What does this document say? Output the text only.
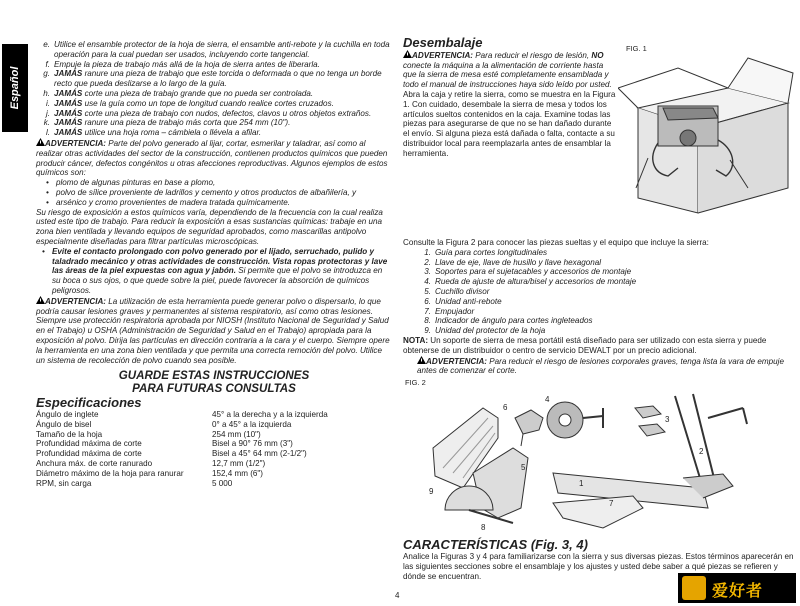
Español
e. Utilice el ensamble protector de la hoja de sierra, el ensamble anti-rebote y la cuchilla en toda operación para la cual puedan ser usados, incluyendo corte tangencial.
f. Empuje la pieza de trabajo más allá de la hoja de sierra antes de liberarla.
g. JAMÁS ranure una pieza de trabajo que este torcida o deformada o que no tenga un borde recto que pueda deslizarse a lo largo de la guía.
h. JAMÁS corte una pieza de trabajo grande que no pueda ser controlada.
i. JAMÁS use la guía como un tope de longitud cuando realice cortes cruzados.
j. JAMÁS corte una pieza de trabajo con nudos, defectos, clavos u otros objetos extraños.
k. JAMÁS ranure una pieza de trabajo más corta que 254 mm (10").
l. JAMÁS utilice una hoja roma – cámbiela o llévela a afilar.
ADVERTENCIA: Parte del polvo generado al lijar, cortar, esmerilar y taladrar, así como al realizar otras actividades del sector de la construcción, contienen productos químicos que pueden producir cáncer, defectos congénitos u otras afecciones reproductivas. Algunos ejemplos de estos químicos son:
• plomo de algunas pinturas en base a plomo,
• polvo de sílice proveniente de ladrillos y cemento y otros productos de albañilería, y
• arsénico y cromo provenientes de madera tratada químicamente.
Su riesgo de exposición a estos químicos varía, dependiendo de la frecuencia con la cual realiza usted este tipo de trabajo. Para reducir la exposición a esas sustancias químicas: trabaje en una zona bien ventilada y llevando equipos de seguridad aprobados, como mascarillas antipolvo especialmente diseñadas para filtrar partículas microscópicas.
• Evite el contacto prolongado con polvo generado por el lijado, serruchado, pulido y taladrado mecánico y otras actividades de construcción. Vista ropas protectoras y lave las áreas de la piel expuestas con agua y jabón. Si permite que el polvo se introduzca en su boca o sus ojos, o que quede sobre la piel, puede favorecer la absorción de químicos peligrosos.
ADVERTENCIA: La utilización de esta herramienta puede generar polvo o dispersarlo, lo que podría causar lesiones graves y permanentes al sistema respiratorio, así como otras lesiones. Siempre use protección respiratoria aprobada por NIOSH (Instituto Nacional de Seguridad y Salud en el Trabajo) u OSHA (Administración de Seguridad y Salud en el Trabajo) apropiada para la exposición al polvo. Dirija las partículas en dirección contraria a la cara y el cuerpo. Siempre opere la herramienta en una zona bien ventilada y que permita una correcta remoción del polvo. Utilice un sistema de recolección de polvo cuando sea posible.
GUARDE ESTAS INSTRUCCIONES
PARA FUTURAS CONSULTAS
Especificaciones
Ángulo de inglete	45° a la derecha y a la izquierda
Ángulo de bisel	0° a 45° a la izquierda
Tamaño de la hoja	254 mm (10")
Profundidad máxima de corte	Bisel a 90° 76 mm (3")
Profundidad máxima de corte	Bisel a 45° 64 mm (2-1/2")
Anchura máx. de corte ranurado	12,7 mm (1/2")
Diámetro máximo de la hoja para ranurar	152,4 mm (6")
RPM, sin carga	5 000
Desembalaje
ADVERTENCIA: Para reducir el riesgo de lesión, NO conecte la máquina a la alimentación de corriente hasta que la sierra de mesa esté completamente ensamblada y todo el manual de instrucciones haya sido leído por usted.
Abra la caja y retire la sierra, como se muestra en la Figura 1. Con cuidado, desembale la sierra de mesa y todos los artículos sueltos contenidos en la caja. Examine todas las piezas para asegurarse de que no se han dañado durante el envío. Si alguna pieza está dañada o falta, contacte a su distribuidor local para reemplazarla antes de ensamblar la herramienta.
FIG. 1
Consulte la Figura 2 para conocer las piezas sueltas y el equipo que incluye la sierra:
1. Guía para cortes longitudinales
2. Llave de eje, llave de husillo y llave hexagonal
3. Soportes para el sujetacables y accesorios de montaje
4. Rueda de ajuste de altura/bisel y accesorios de montaje
5. Cuchillo divisor
6. Unidad anti-rebote
7. Empujador
8. Indicador de ángulo para cortes ingleteados
9. Unidad del protector de la hoja
NOTA: Un soporte de sierra de mesa portátil está diseñado para ser utilizado con esta sierra y puede obtenerse de un distribuidor o centro de servicio DEWALT por un precio adicional.
ADVERTENCIA: Para reducir el riesgo de lesiones corporales graves, tenga lista la vara de empuje antes de comenzar el corte.
FIG. 2
1
2
3
4
5
6
7
8
9
CARACTERÍSTICAS (Fig. 3, 4)
Analice la Figuras 3 y 4 para familiarizarse con la sierra y sus diversas piezas. Estos términos aparecerán en las siguientes secciones sobre el ensamblaje y los ajustes y usted debe saber a qué piezas se refieren y dónde se encuentran.
4	爱好者
